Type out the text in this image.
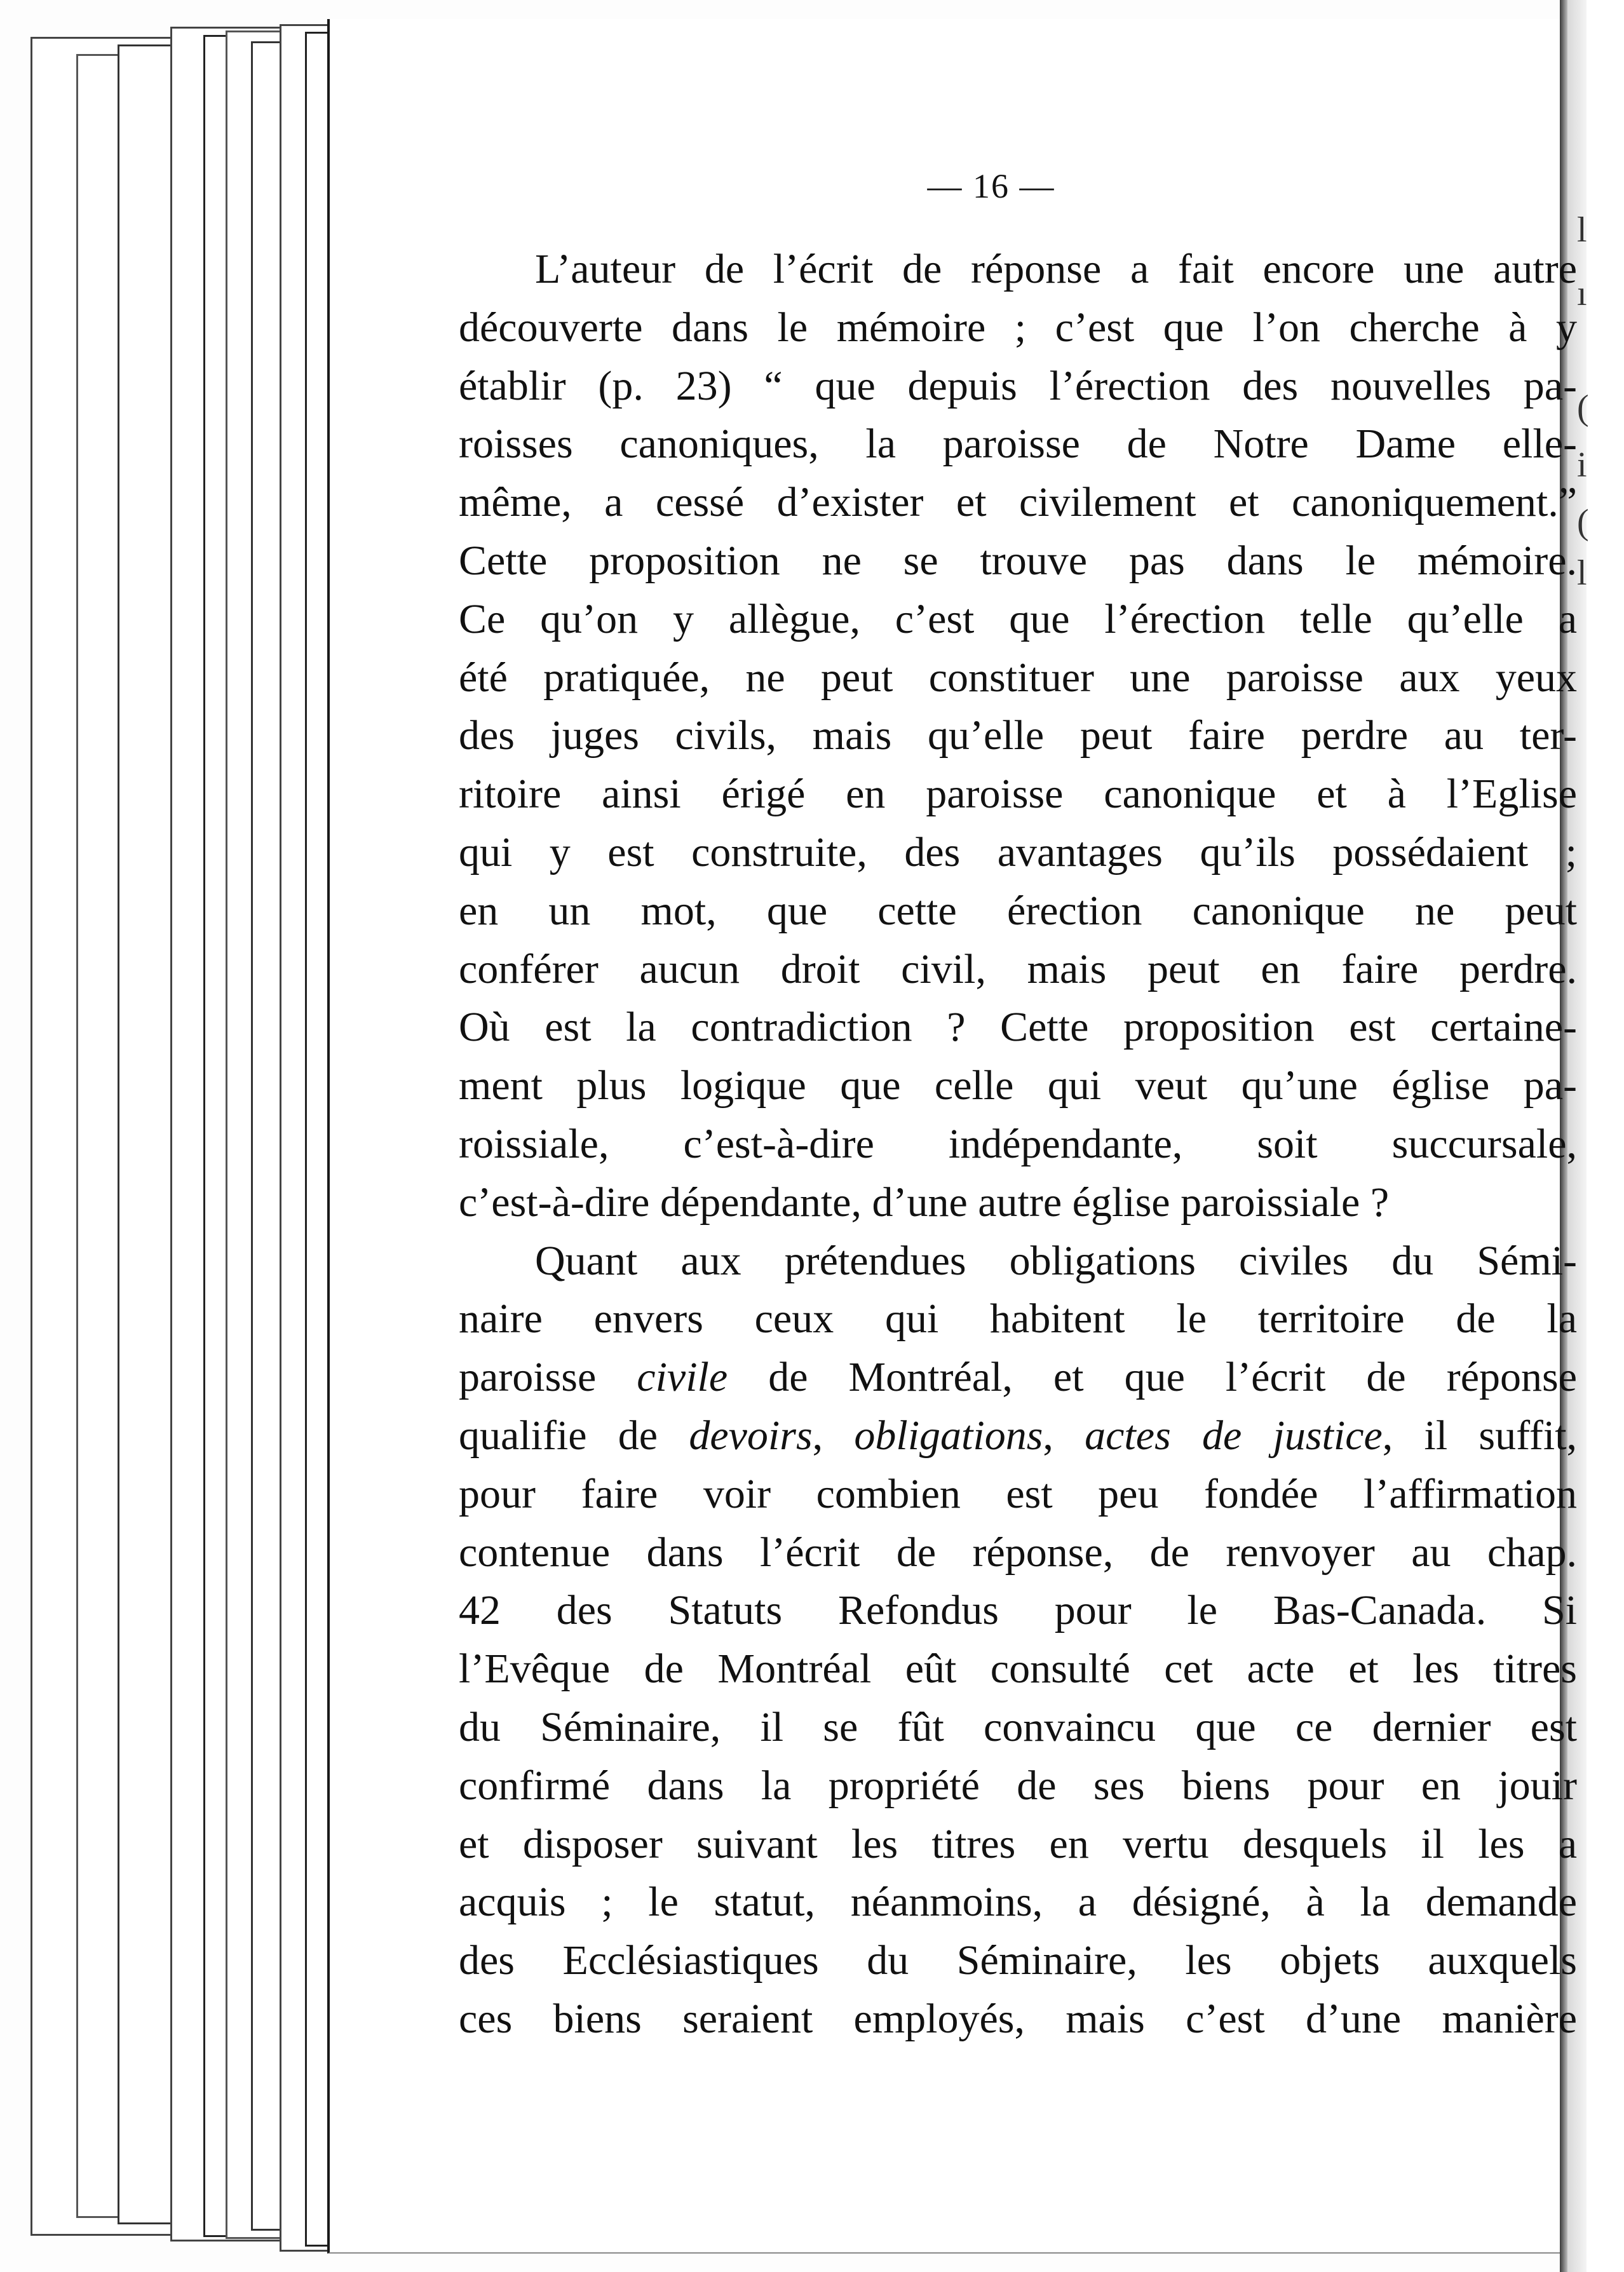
l
ı
(
i
(
l
— 16 —
L’auteur de l’écrit de réponse a fait encore une autre
découverte dans le mémoire ; c’est que l’on cherche à y
établir (p. 23) “ que depuis l’érection des nouvelles pa-
roisses canoniques, la paroisse de Notre Dame elle-
même, a cessé d’exister et civilement et canoniquement.”
Cette proposition ne se trouve pas dans le mémoire.
Ce qu’on y allègue, c’est que l’érection telle qu’elle a
été pratiquée, ne peut constituer une paroisse aux yeux
des juges civils, mais qu’elle peut faire perdre au ter-
ritoire ainsi érigé en paroisse canonique et à l’Eglise
qui y est construite, des avantages qu’ils possédaient ;
en un mot, que cette érection canonique ne peut
conférer aucun droit civil, mais peut en faire perdre.
Où est la contradiction ? Cette proposition est certaine-
ment plus logique que celle qui veut qu’une église pa-
roissiale, c’est-à-dire indépendante, soit succursale,
c’est-à-dire dépendante, d’une autre église paroissiale ?
Quant aux prétendues obligations civiles du Sémi-
naire envers ceux qui habitent le territoire de la
paroisse civile de Montréal, et que l’écrit de réponse
qualifie de devoirs, obligations, actes de justice, il suffit,
pour faire voir combien est peu fondée l’affirmation
contenue dans l’écrit de réponse, de renvoyer au chap.
42 des Statuts Refondus pour le Bas-Canada. Si
l’Evêque de Montréal eût consulté cet acte et les titres
du Séminaire, il se fût convaincu que ce dernier est
confirmé dans la propriété de ses biens pour en jouir
et disposer suivant les titres en vertu desquels il les a
acquis ; le statut, néanmoins, a désigné, à la demande
des Ecclésiastiques du Séminaire, les objets auxquels
ces biens seraient employés, mais c’est d’une manière
